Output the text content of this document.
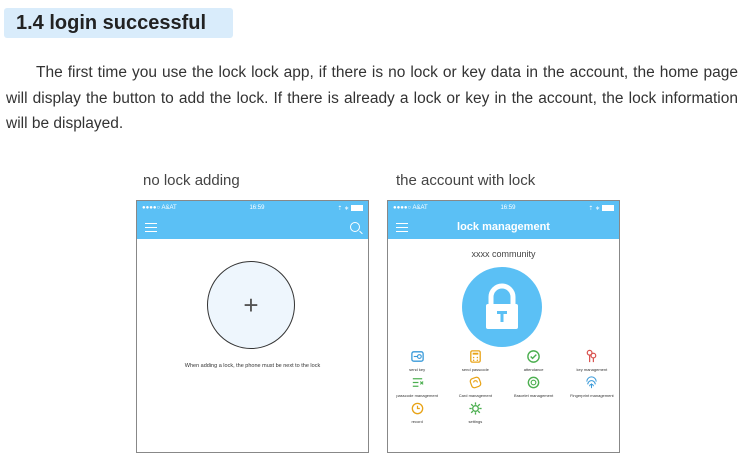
1.4 login successful
The first time you use the lock lock app, if there is no lock or key data in the account, the home page will display the button to add the lock. If there is already a lock or key in the account, the lock information will be displayed.
no lock adding	the account with lock
●●●●○ A&AT	16:59	⇡ ∗
+
When adding a lock, the phone must be next to the lock
●●●●○ A&AT	16:59	⇡ ∗
lock management
xxxx community
send key	send passcode	attendance	key management
passcode management	Card management	Bracelet management	Fingerprint management
record	settings
